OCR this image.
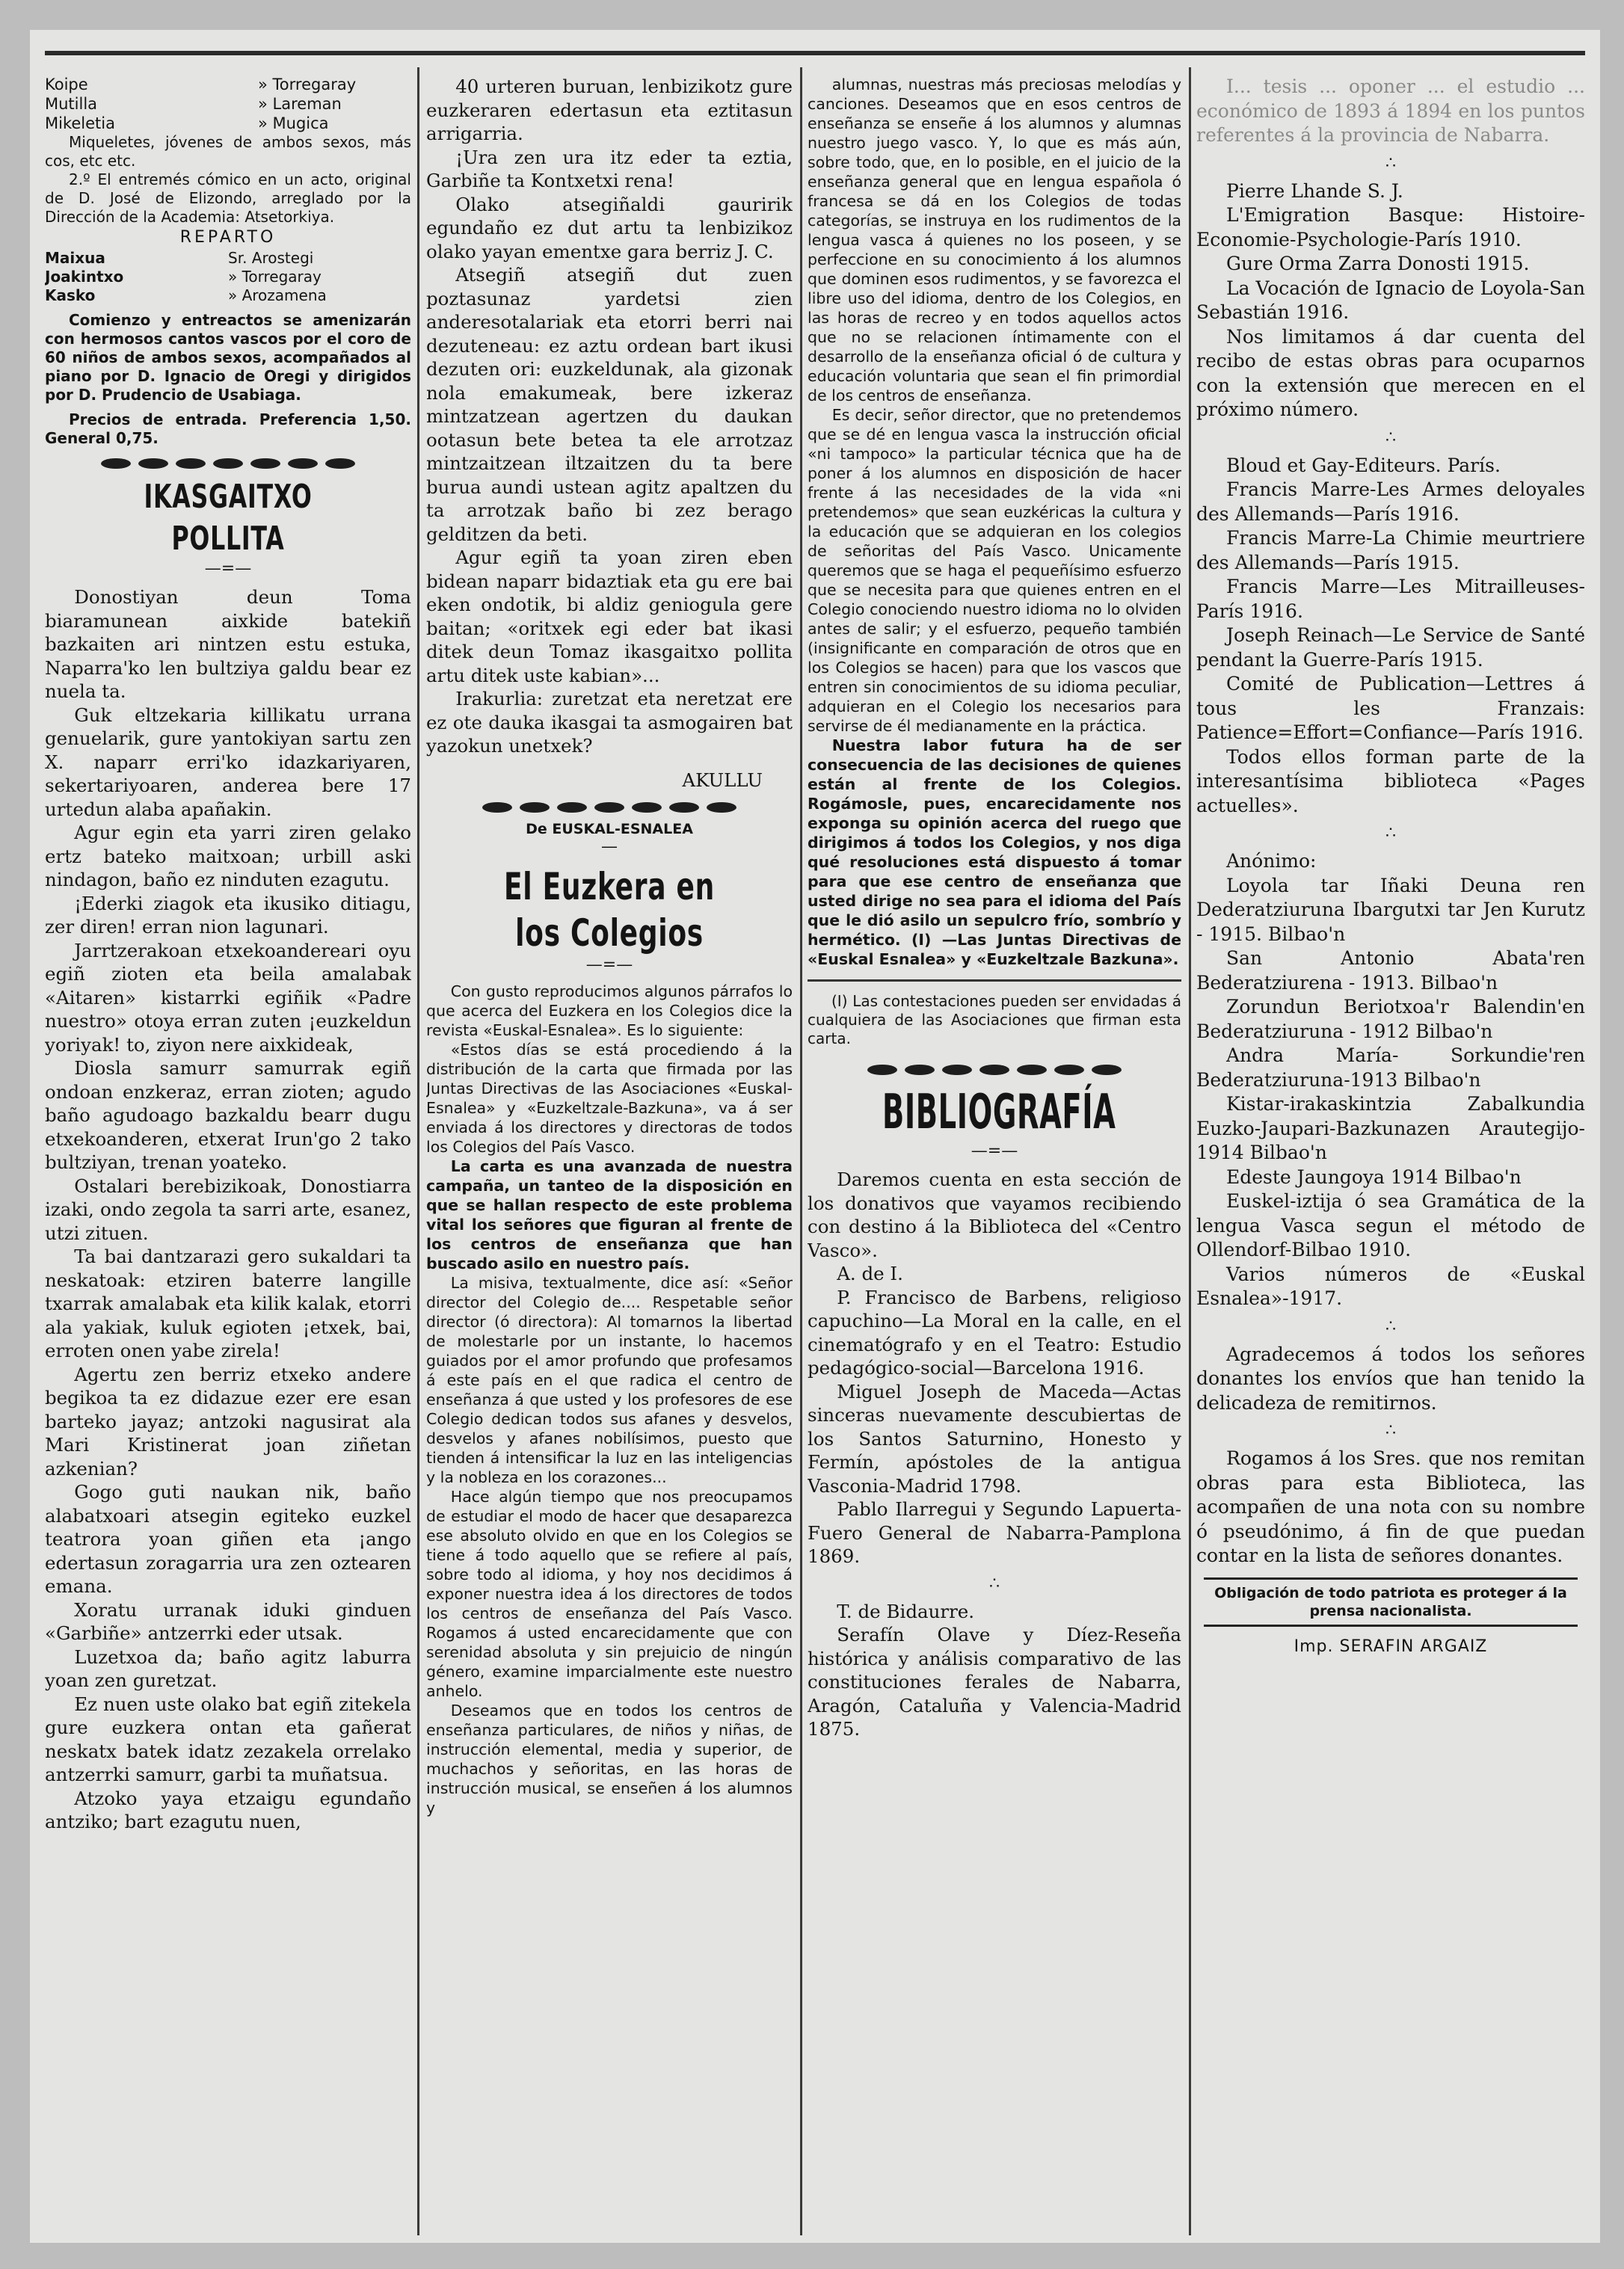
Koipe
Mutilla
Mikeletia
» Torregaray
» Lareman
» Mugica

Miqueletes, jóvenes de ambos sexos, más cos, etc etc.

2.º El entremés cómico en un acto, original de D. José de Elizondo, arreglado por la Dirección de la Academia: Atsetorkiya.

REPARTO
Maixua
Joakintxo
Kasko
Sr. Arostegi
» Torregaray
» Arozamena

Comienzo y entreactos se amenizarán con hermosos cantos vascos por el coro de 60 niños de ambos sexos, acompañados al piano por D. Ignacio de Oregi y dirigidos por D. Prudencio de Usabiaga.

Precios de entrada. Preferencia 1,50. General 0,75.

IKASGAITXO POLLITA
—=—

Donostiyan deun Toma biaramunean aixkide batekiñ bazkaiten ari nintzen estu estuka, Naparra'ko len bultziya galdu bear ez nuela ta.

Guk eltzekaria killikatu urrana genuelarik, gure yantokiyan sartu zen X. naparr erri'ko idazkariyaren, sekertariyoaren, anderea bere 17 urtedun alaba apañakin.

Agur egin eta yarri ziren gelako ertz bateko maitxoan; urbill aski nindagon, baño ez ninduten ezagutu.

¡Ederki ziagok eta ikusiko ditiagu, zer diren! erran nion lagunari.

Jarrtzerakoan etxekoandereari oyu egiñ zioten eta beila amalabak «Aitaren» kistarrki egiñik «Padre nuestro» otoya erran zuten ¡euzkeldun yoriyak! to, ziyon nere aixkideak,

Diosla samurr samurrak egiñ ondoan enzkeraz, erran zioten; agudo baño agudoago bazkaldu bearr dugu etxekoanderen, etxerat Irun'go 2 tako bultziyan, trenan yoateko.

Ostalari berebizikoak, Donostiarra izaki, ondo zegola ta sarri arte, esanez, utzi zituen.

Ta bai dantzarazi gero sukaldari ta neskatoak: etziren baterre langille txarrak amalabak eta kilik kalak, etorri ala yakiak, kuluk egioten ¡etxek, bai, erroten onen yabe zirela!

Agertu zen berriz etxeko andere begikoa ta ez didazue ezer ere esan barteko jayaz; antzoki nagusirat ala Mari Kristinerat joan ziñetan azkenian?

Gogo guti naukan nik, baño alabatxoari atsegin egiteko euzkel teatrora yoan giñen eta ¡ango edertasun zoragarria ura zen oztearen emana.

Xoratu urranak iduki ginduen «Garbiñe» antzerrki eder utsak.

Luzetxoa da; baño agitz laburra yoan zen guretzat.

Ez nuen uste olako bat egiñ zitekela gure euzkera ontan eta gañerat neskatx batek idatz zezakela orrelako antzerrki samurr, garbi ta muñatsua.

Atzoko yaya etzaigu egundaño antziko; bart ezagutu nuen,

40 urteren buruan, lenbizikotz gure euzkeraren edertasun eta eztitasun arrigarria.

¡Ura zen ura itz eder ta eztia, Garbiñe ta Kontxetxi rena!

Olako atsegiñaldi gauririk egundaño ez dut artu ta lenbizikoz olako yayan ementxe gara berriz J. C.

Atsegiñ atsegiñ dut zuen poztasunaz yardetsi zien anderesotalariak eta etorri berri nai dezuteneau: ez aztu ordean bart ikusi dezuten ori: euzkeldunak, ala gizonak nola emakumeak, bere izkeraz mintzatzean agertzen du daukan ootasun bete betea ta ele arrotzaz mintzaitzean iltzaitzen du ta bere burua aundi ustean agitz apaltzen du ta arrotzak baño bi zez berago gelditzen da beti.

Agur egiñ ta yoan ziren eben bidean naparr bidaztiak eta gu ere bai eken ondotik, bi aldiz geniogula gere baitan; «oritxek egi eder bat ikasi ditek deun Tomaz ikasgaitxo pollita artu ditek uste kabian»...

Irakurlia: zuretzat eta neretzat ere ez ote dauka ikasgai ta asmogairen bat yazokun unetxek?

AKULLU
De EUSKAL-ESNALEA
—
El Euzkera en los Colegios
—=—

Con gusto reproducimos algunos párrafos lo que acerca del Euzkera en los Colegios dice la revista «Euskal-Esnalea». Es lo siguiente:

«Estos días se está procediendo á la distribución de la carta que firmada por las Juntas Directivas de las Asociaciones «Euskal-Esnalea» y «Euzkeltzale-Bazkuna», va á ser enviada á los directores y directoras de todos los Colegios del País Vasco.

La carta es una avanzada de nuestra campaña, un tanteo de la disposición en que se hallan respecto de este problema vital los señores que figuran al frente de los centros de enseñanza que han buscado asilo en nuestro país.

La misiva, textualmente, dice así: «Señor director del Colegio de.... Respetable señor director (ó directora): Al tomarnos la libertad de molestarle por un instante, lo hacemos guiados por el amor profundo que profesamos á este país en el que radica el centro de enseñanza á que usted y los profesores de ese Colegio dedican todos sus afanes y desvelos, desvelos y afanes nobilísimos, puesto que tienden á intensificar la luz en las inteligencias y la nobleza en los corazones...

Hace algún tiempo que nos preocupamos de estudiar el modo de hacer que desaparezca ese absoluto olvido en que en los Colegios se tiene á todo aquello que se refiere al país, sobre todo al idioma, y hoy nos decidimos á exponer nuestra idea á los directores de todos los centros de enseñanza del País Vasco. Rogamos á usted encarecidamente que con serenidad absoluta y sin prejuicio de ningún género, examine imparcialmente este nuestro anhelo.

Deseamos que en todos los centros de enseñanza particulares, de niños y niñas, de instrucción elemental, media y superior, de muchachos y señoritas, en las horas de instrucción musical, se enseñen á los alumnos y

alumnas, nuestras más preciosas melodías y canciones. Deseamos que en esos centros de enseñanza se enseñe á los alumnos y alumnas nuestro juego vasco. Y, lo que es más aún, sobre todo, que, en lo posible, en el juicio de la enseñanza general que en lengua española ó francesa se dá en los Colegios de todas categorías, se instruya en los rudimentos de la lengua vasca á quienes no los poseen, y se perfeccione en su conocimiento á los alumnos que dominen esos rudimentos, y se favorezca el libre uso del idioma, dentro de los Colegios, en las horas de recreo y en todos aquellos actos que no se relacionen íntimamente con el desarrollo de la enseñanza oficial ó de cultura y educación voluntaria que sean el fin primordial de los centros de enseñanza.

Es decir, señor director, que no pretendemos que se dé en lengua vasca la instrucción oficial «ni tampoco» la particular técnica que ha de poner á los alumnos en disposición de hacer frente á las necesidades de la vida «ni pretendemos» que sean euzkéricas la cultura y la educación que se adquieran en los colegios de señoritas del País Vasco. Unicamente queremos que se haga el pequeñísimo esfuerzo que se necesita para que quienes entren en el Colegio conociendo nuestro idioma no lo olviden antes de salir; y el esfuerzo, pequeño también (insignificante en comparación de otros que en los Colegios se hacen) para que los vascos que entren sin conocimientos de su idioma peculiar, adquieran en el Colegio los necesarios para servirse de él medianamente en la práctica.

Nuestra labor futura ha de ser consecuencia de las decisiones de quienes están al frente de los Colegios. Rogámosle, pues, encarecidamente nos exponga su opinión acerca del ruego que dirigimos á todos los Colegios, y nos diga qué resoluciones está dispuesto á tomar para que ese centro de enseñanza que usted dirige no sea para el idioma del País que le dió asilo un sepulcro frío, sombrío y hermético. (I) —Las Juntas Directivas de «Euskal Esnalea» y «Euzkeltzale Bazkuna».

(I) Las contestaciones pueden ser envidadas á cualquiera de las Asociaciones que firman esta carta.

BIBLIOGRAFÍA
—=—

Daremos cuenta en esta sección de los donativos que vayamos recibiendo con destino á la Biblioteca del «Centro Vasco».

A. de I.

P. Francisco de Barbens, religioso capuchino—La Moral en la calle, en el cinematógrafo y en el Teatro: Estudio pedagógico-social—Barcelona 1916.

Miguel Joseph de Maceda—Actas sinceras nuevamente descubiertas de los Santos Saturnino, Honesto y Fermín, apóstoles de la antigua Vasconia-Madrid 1798.

Pablo Ilarregui y Segundo Lapuerta-Fuero General de Nabarra-Pamplona 1869.

∴

T. de Bidaurre.

Serafín Olave y Díez-Reseña histórica y análisis comparativo de las constituciones ferales de Nabarra, Aragón, Cataluña y Valencia-Madrid 1875.

I... tesis ... oponer ... el estudio ... económico de 1893 á 1894 en los puntos referentes á la provincia de Nabarra.

∴

Pierre Lhande S. J.

L'Emigration Basque: Histoire-Economie-Psychologie-París 1910.

Gure Orma Zarra Donosti 1915.

La Vocación de Ignacio de Loyola-San Sebastián 1916.

Nos limitamos á dar cuenta del recibo de estas obras para ocuparnos con la extensión que merecen en el próximo número.

∴

Bloud et Gay-Editeurs. París.

Francis Marre-Les Armes deloyales des Allemands—París 1916.

Francis Marre-La Chimie meurtriere des Allemands—París 1915.

Francis Marre—Les Mitrailleuses-París 1916.

Joseph Reinach—Le Service de Santé pendant la Guerre-París 1915.

Comité de Publication—Lettres á tous les Franzais: Patience=Effort=Confiance—París 1916.

Todos ellos forman parte de la interesantísima biblioteca «Pages actuelles».

∴

Anónimo:

Loyola tar Iñaki Deuna ren Dederatziuruna Ibargutxi tar Jen Kurutz - 1915. Bilbao'n

San Antonio Abata'ren Bederatziurena - 1913. Bilbao'n

Zorundun Beriotxoa'r Balendin'en Bederatziuruna - 1912 Bilbao'n

Andra María- Sorkundie'ren Bederatziuruna-1913 Bilbao'n

Kistar-irakaskintzia Zabalkundia Euzko-Jaupari-Bazkunazen Arautegijo-1914 Bilbao'n

Edeste Jaungoya 1914 Bilbao'n

Euskel-iztija ó sea Gramática de la lengua Vasca segun el método de Ollendorf-Bilbao 1910.

Varios números de «Euskal Esnalea»-1917.

∴

Agradecemos á todos los señores donantes los envíos que han tenido la delicadeza de remitirnos.

∴

Rogamos á los Sres. que nos remitan obras para esta Biblioteca, las acompañen de una nota con su nombre ó pseudónimo, á fin de que puedan contar en la lista de señores donantes.

Obligación de todo patriota es proteger á la prensa nacionalista.
Imp. SERAFIN ARGAIZ
